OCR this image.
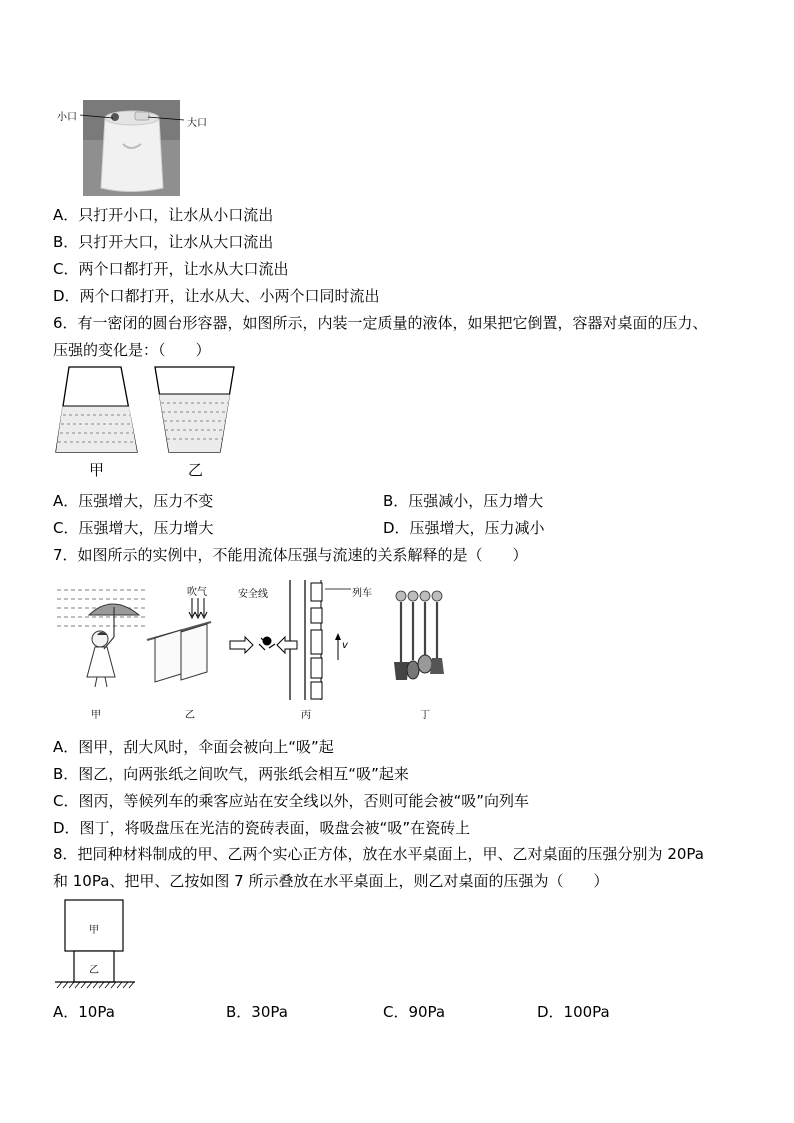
小口
大口
A．只打开小口，让水从小口流出
B．只打开大口，让水从大口流出
C．两个口都打开，让水从大口流出
D．两个口都打开，让水从大、小两个口同时流出
6．有一密闭的圆台形容器，如图所示，内装一定质量的液体，如果把它倒置，容器对桌面的压力、
压强的变化是：（　　）
甲	乙
A．压强增大，压力不变	B．压强减小，压力增大
C．压强增大，压力增大	D．压强增大，压力减小
7．如图所示的实例中，不能用流体压强与流速的关系解释的是（　　）
甲
吹气
乙
安全线	列车
v
丙	丁
A．图甲，刮大风时，伞面会被向上“吸”起
B．图乙，向两张纸之间吹气，两张纸会相互“吸”起来
C．图丙，等候列车的乘客应站在安全线以外，否则可能会被“吸”向列车
D．图丁，将吸盘压在光洁的瓷砖表面，吸盘会被“吸”在瓷砖上
8．把同种材料制成的甲、乙两个实心正方体，放在水平桌面上，甲、乙对桌面的压强分别为 20Pa
和 10Pa、把甲、乙按如图 7 所示叠放在水平桌面上，则乙对桌面的压强为（　　）
甲
乙
A．10Pa	B．30Pa	C．90Pa	D．100Pa
